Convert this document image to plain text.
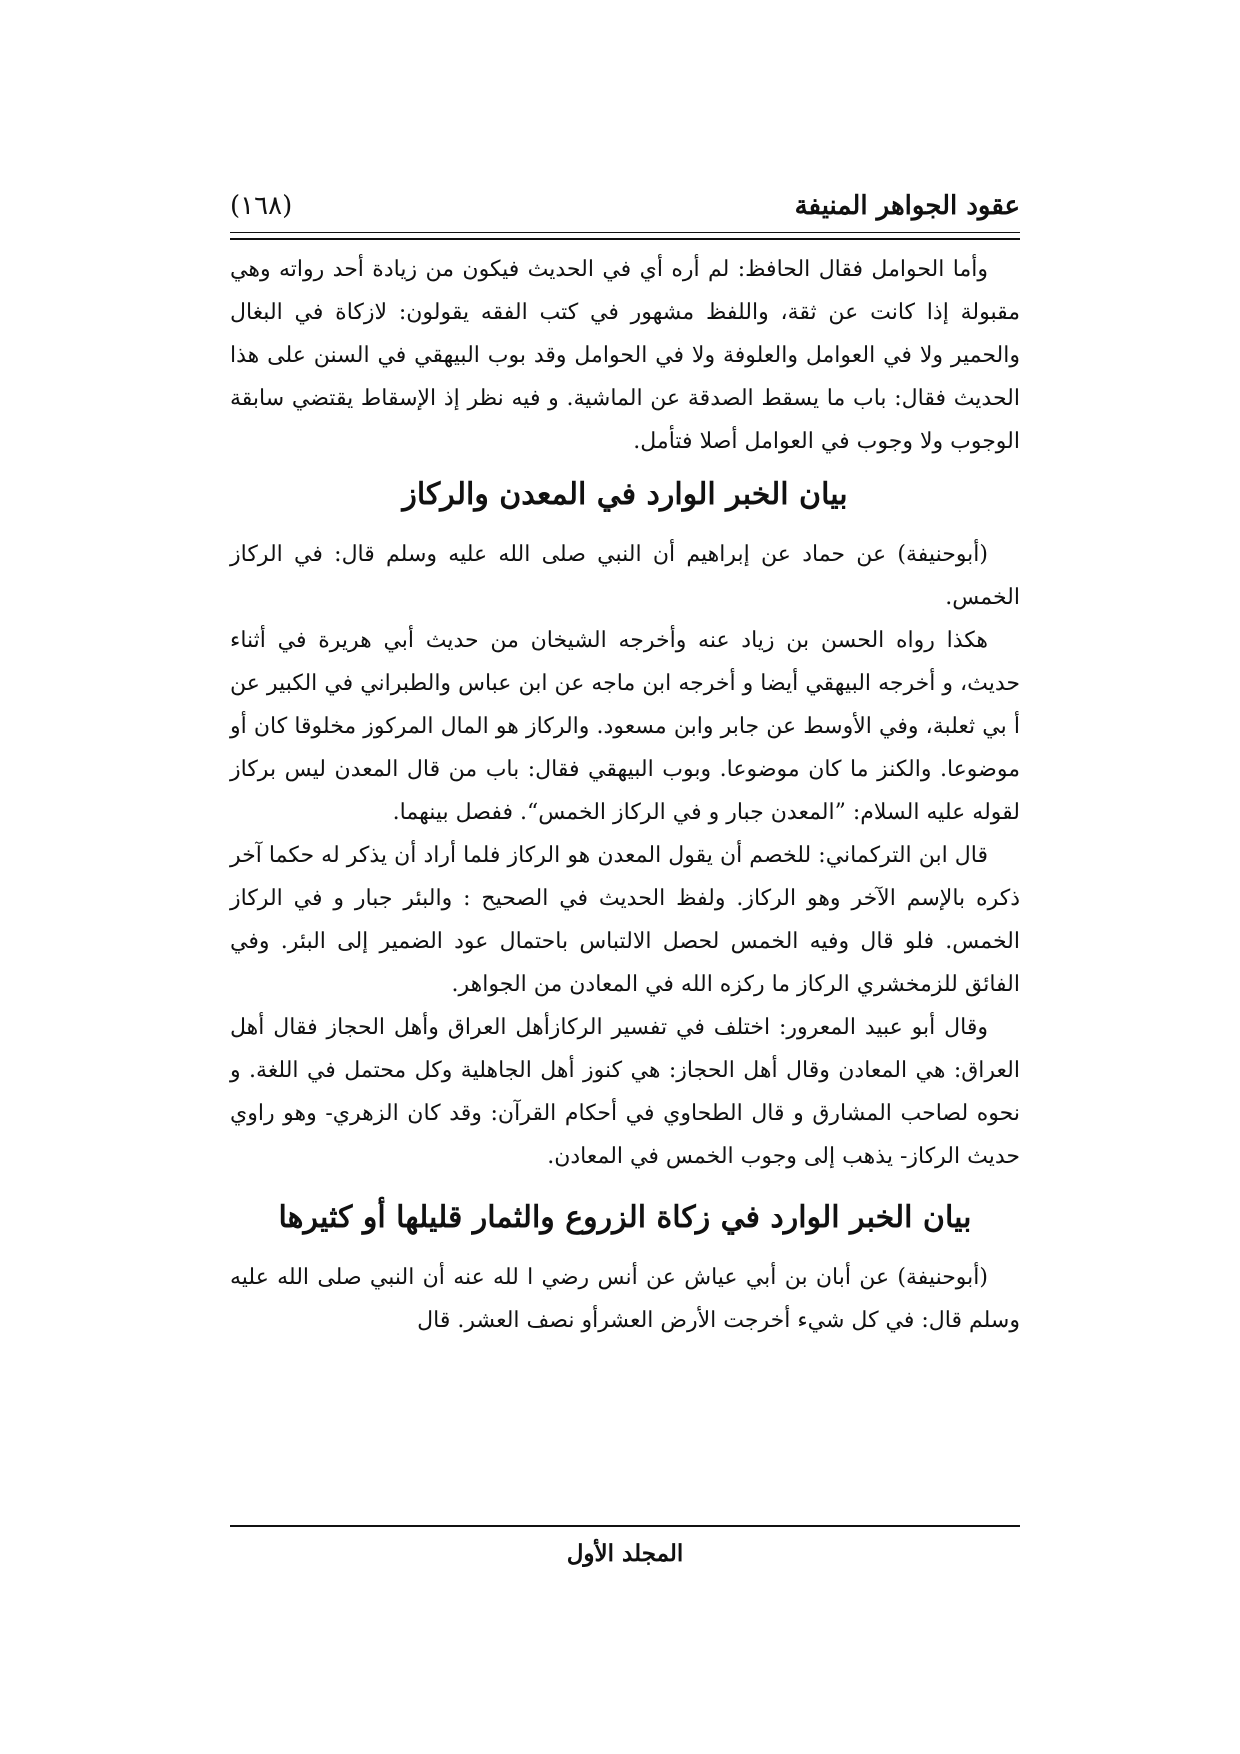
عقود الجواهر المنيفة
(١٦٨)

وأما الحوامل فقال الحافظ: لم أره أي في الحديث فيكون من زيادة أحد رواته وهي مقبولة إذا كانت عن ثقة، واللفظ مشهور في كتب الفقه يقولون: لازكاة في البغال والحمير ولا في العوامل والعلوفة ولا في الحوامل وقد بوب البيهقي في السنن على هذا الحديث فقال: باب ما يسقط الصدقة عن الماشية. و فيه نظر إذ الإسقاط يقتضي سابقة الوجوب ولا وجوب في العوامل أصلا فتأمل.

بيان الخبر الوارد في المعدن والركاز

(أبوحنيفة) عن حماد عن إبراهيم أن النبي صلى الله عليه وسلم قال: في الركاز الخمس.

هكذا رواه الحسن بن زياد عنه وأخرجه الشيخان من حديث أبي هريرة في أثناء حديث، و أخرجه البيهقي أيضا و أخرجه ابن ماجه عن ابن عباس والطبراني في الكبير عن أ بي ثعلبة، وفي الأوسط عن جابر وابن مسعود. والركاز هو المال المركوز مخلوقا كان أو موضوعا. والكنز ما كان موضوعا. وبوب البيهقي فقال: باب من قال المعدن ليس بركاز لقوله عليه السلام: ”المعدن جبار و في الركاز الخمس“. ففصل بينهما.

قال ابن التركماني: للخصم أن يقول المعدن هو الركاز فلما أراد أن يذكر له حكما آخر ذكره بالإسم الآخر وهو الركاز. ولفظ الحديث في الصحيح : والبئر جبار و في الركاز الخمس. فلو قال وفيه الخمس لحصل الالتباس باحتمال عود الضمير إلى البئر. وفي الفائق للزمخشري الركاز ما ركزه الله في المعادن من الجواهر.

وقال أبو عبيد المعرور: اختلف في تفسير الركازأهل العراق وأهل الحجاز فقال أهل العراق: هي المعادن وقال أهل الحجاز: هي كنوز أهل الجاهلية وكل محتمل في اللغة. و نحوه لصاحب المشارق و قال الطحاوي في أحكام القرآن: وقد كان الزهري- وهو راوي حديث الركاز- يذهب إلى وجوب الخمس في المعادن.

بيان الخبر الوارد في زكاة الزروع والثمار قليلها أو كثيرها

(أبوحنيفة) عن أبان بن أبي عياش عن أنس رضي ا لله عنه أن النبي صلى الله عليه وسلم قال: في كل شيء أخرجت الأرض العشرأو نصف العشر. قال

المجلد الأول
